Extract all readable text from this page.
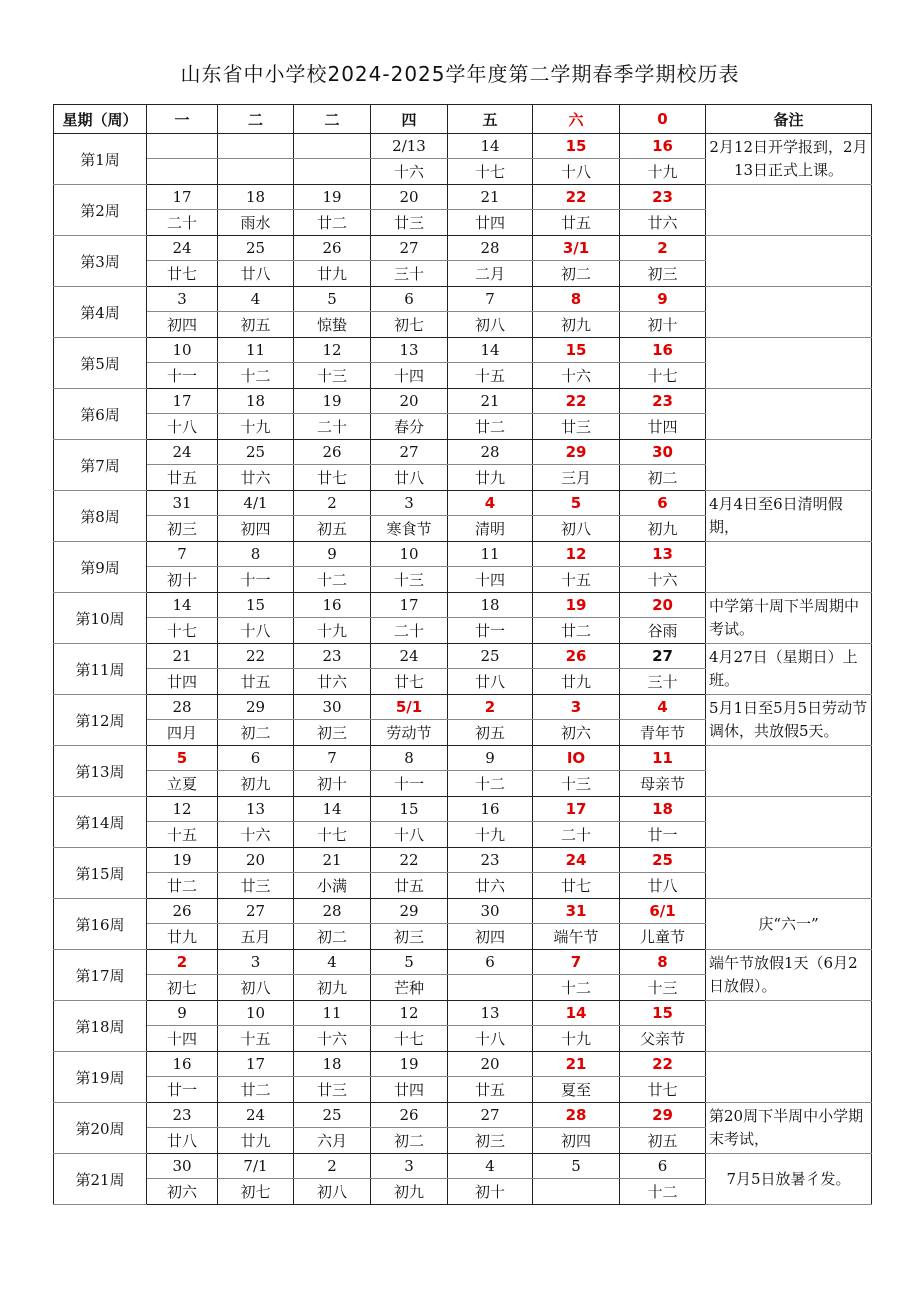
山东省中小学校2024-2025学年度第二学期春季学期校历表
星期（周）	一	二	二	四	五	六	0	备注
第1周				2/13	14	15	16	2月12日开学报到，2月13日正式上课。
				十六	十七	十八	十九	
第2周	17	18	19	20	21	22	23	
	二十	雨水	廿二	廿三	廿四	廿五	廿六	
第3周	24	25	26	27	28	3/1	2	
	廿七	廿八	廿九	三十	二月	初二	初三	
第4周	3	4	5	6	7	8	9	
	初四	初五	惊蛰	初七	初八	初九	初十	
第5周	10	11	12	13	14	15	16	
	十一	十二	十三	十四	十五	十六	十七	
第6周	17	18	19	20	21	22	23	
	十八	十九	二十	春分	廿二	廿三	廿四	
第7周	24	25	26	27	28	29	30	
	廿五	廿六	廿七	廿八	廿九	三月	初二	
第8周	31	4/1	2	3	4	5	6	4月4日至6日清明假期，
	初三	初四	初五	寒食节	清明	初八	初九	
第9周	7	8	9	10	11	12	13	
	初十	十一	十二	十三	十四	十五	十六	
第10周	14	15	16	17	18	19	20	中学第十周下半周期中考试。
	十七	十八	十九	二十	廿一	廿二	谷雨	
第11周	21	22	23	24	25	26	27	4月27日（星期日）上班。
	廿四	廿五	廿六	廿七	廿八	廿九	三十	
第12周	28	29	30	5/1	2	3	4	5月1日至5月5日劳动节调休，共放假5天。
	四月	初二	初三	劳动节	初五	初六	青年节	
第13周	5	6	7	8	9	IO	11	
	立夏	初九	初十	十一	十二	十三	母亲节	
第14周	12	13	14	15	16	17	18	
	十五	十六	十七	十八	十九	二十	廿一	
第15周	19	20	21	22	23	24	25	
	廿二	廿三	小满	廿五	廿六	廿七	廿八	
第16周	26	27	28	29	30	31	6/1	庆“六一”
	廿九	五月	初二	初三	初四	端午节	儿童节	
第17周	2	3	4	5	6	7	8	端午节放假1天（6月2日放假）。
	初七	初八	初九	芒种		十二	十三	
第18周	9	10	11	12	13	14	15	
	十四	十五	十六	十七	十八	十九	父亲节	
第19周	16	17	18	19	20	21	22	
	廿一	廿二	廿三	廿四	廿五	夏至	廿七	
第20周	23	24	25	26	27	28	29	第20周下半周中小学期末考试，
	廿八	廿九	六月	初二	初三	初四	初五	
第21周	30	7/1	2	3	4	5	6	7月5日放暑彳发。
	初六	初七	初八	初九	初十		十二	
